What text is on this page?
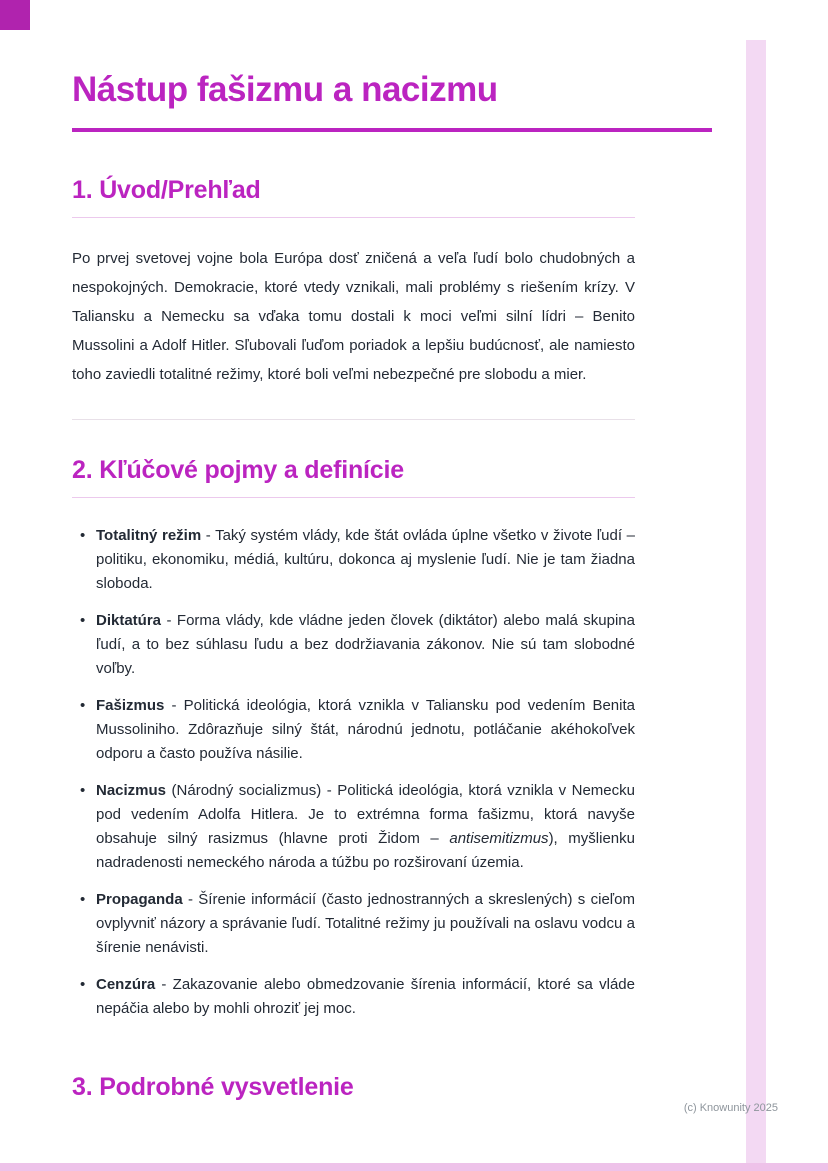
Nástup fašizmu a nacizmu
1. Úvod/Prehľad

Po prvej svetovej vojne bola Európa dosť zničená a veľa ľudí bolo chudobných a nespokojných. Demokracie, ktoré vtedy vznikali, mali problémy s riešením krízy. V Taliansku a Nemecku sa vďaka tomu dostali k moci veľmi silní lídri – Benito Mussolini a Adolf Hitler. Sľubovali ľuďom poriadok a lepšiu budúcnosť, ale namiesto toho zaviedli totalitné režimy, ktoré boli veľmi nebezpečné pre slobodu a mier.

2. Kľúčové pojmy a definície
• Totalitný režim - Taký systém vlády, kde štát ovláda úplne všetko v živote ľudí – politiku, ekonomiku, médiá, kultúru, dokonca aj myslenie ľudí. Nie je tam žiadna sloboda.
• Diktatúra - Forma vlády, kde vládne jeden človek (diktátor) alebo malá skupina ľudí, a to bez súhlasu ľudu a bez dodržiavania zákonov. Nie sú tam slobodné voľby.
• Fašizmus - Politická ideológia, ktorá vznikla v Taliansku pod vedením Benita Mussoliniho. Zdôrazňuje silný štát, národnú jednotu, potláčanie akéhokoľvek odporu a často používa násilie.
• Nacizmus (Národný socializmus) - Politická ideológia, ktorá vznikla v Nemecku pod vedením Adolfa Hitlera. Je to extrémna forma fašizmu, ktorá navyše obsahuje silný rasizmus (hlavne proti Židom – antisemitizmus), myšlienku nadradenosti nemeckého národa a túžbu po rozširovaní územia.
• Propaganda - Šírenie informácií (často jednostranných a skreslených) s cieľom ovplyvniť názory a správanie ľudí. Totalitné režimy ju používali na oslavu vodcu a šírenie nenávisti.
• Cenzúra - Zakazovanie alebo obmedzovanie šírenia informácií, ktoré sa vláde nepáčia alebo by mohli ohroziť jej moc.
3. Podrobné vysvetlenie
(c) Knowunity 2025
